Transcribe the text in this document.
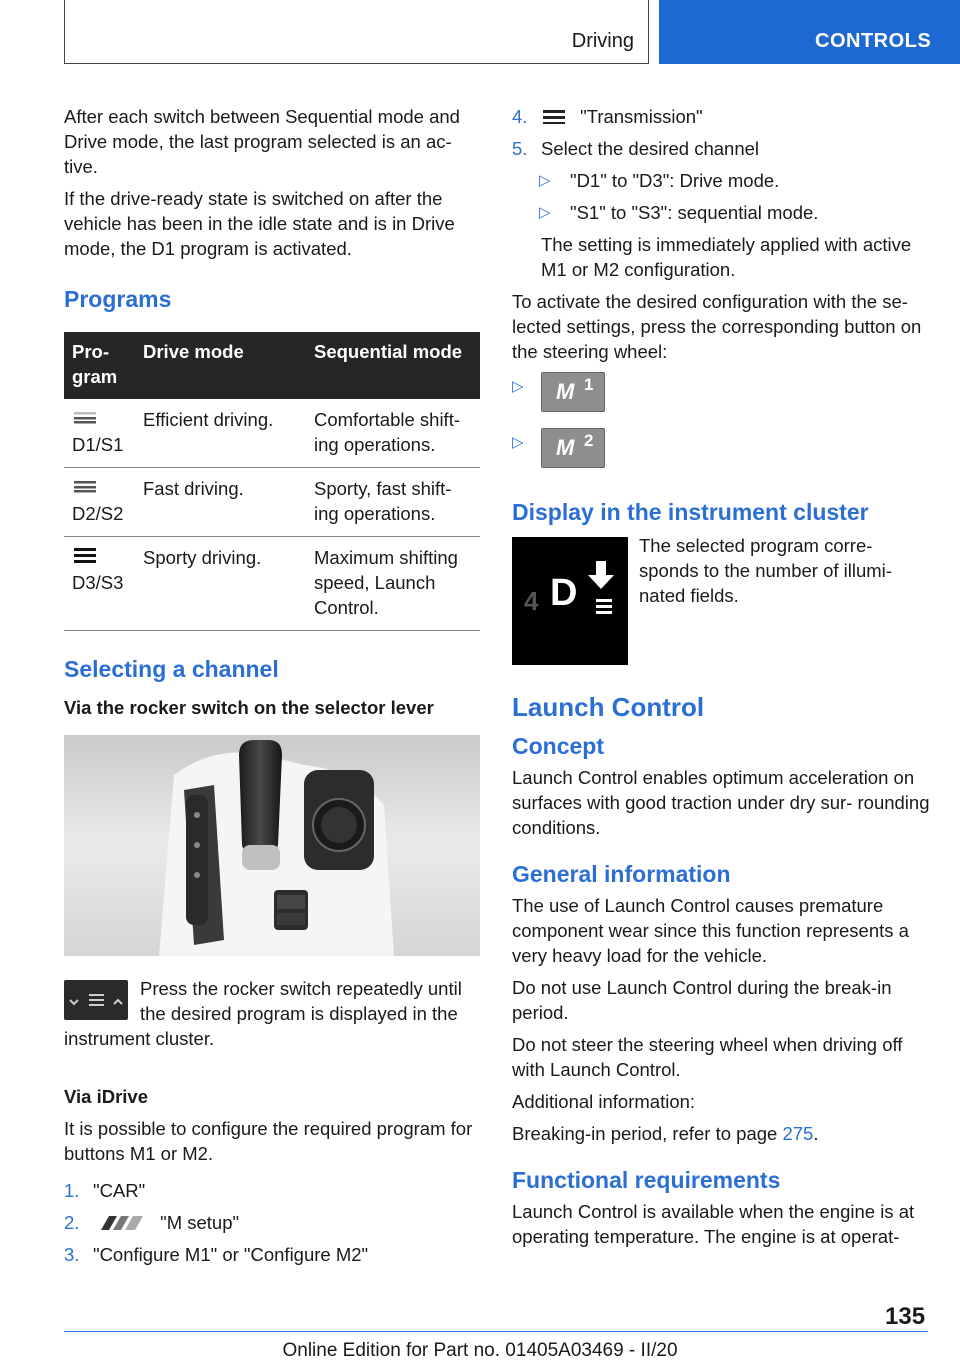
Driving	CONTROLS

After each switch between Sequential mode and Drive mode, the last program selected is an ac- tive.

If the drive-ready state is switched on after the vehicle has been in the idle state and is in Drive mode, the D1 program is activated.

Programs
Pro- gram	Drive mode	Sequential mode

D1/S1	Efficient driving.	Comfortable shift- ing operations.

D2/S2	Fast driving.	Sporty, fast shift- ing operations.

D3/S3	Sporty driving.	Maximum shifting speed, Launch Control.
Selecting a channel

Via the rocker switch on the selector lever

Press the rocker switch repeatedly until the desired program is displayed in the instrument cluster.

Via iDrive

It is possible to configure the required program for buttons M1 or M2.

1. "CAR"
2.	"M setup"
3. "Configure M1" or "Configure M2"
4.	"Transmission"
5. Select the desired channel
▷ "D1" to "D3": Drive mode.
▷ "S1" to "S3": sequential mode.

The setting is immediately applied with active M1 or M2 configuration.

To activate the desired configuration with the se- lected settings, press the corresponding button on the steering wheel:

▷ M 1
▷ M 2
Display in the instrument cluster
4 D

The selected program corre- sponds to the number of illumi- nated fields.

Launch Control
Concept

Launch Control enables optimum acceleration on surfaces with good traction under dry sur- rounding conditions.

General information

The use of Launch Control causes premature component wear since this function represents a very heavy load for the vehicle.

Do not use Launch Control during the break-in period.

Do not steer the steering wheel when driving off with Launch Control.

Additional information:

Breaking-in period, refer to page 275.

Functional requirements

Launch Control is available when the engine is at operating temperature. The engine is at operat-

135
Online Edition for Part no. 01405A03469 - II/20
